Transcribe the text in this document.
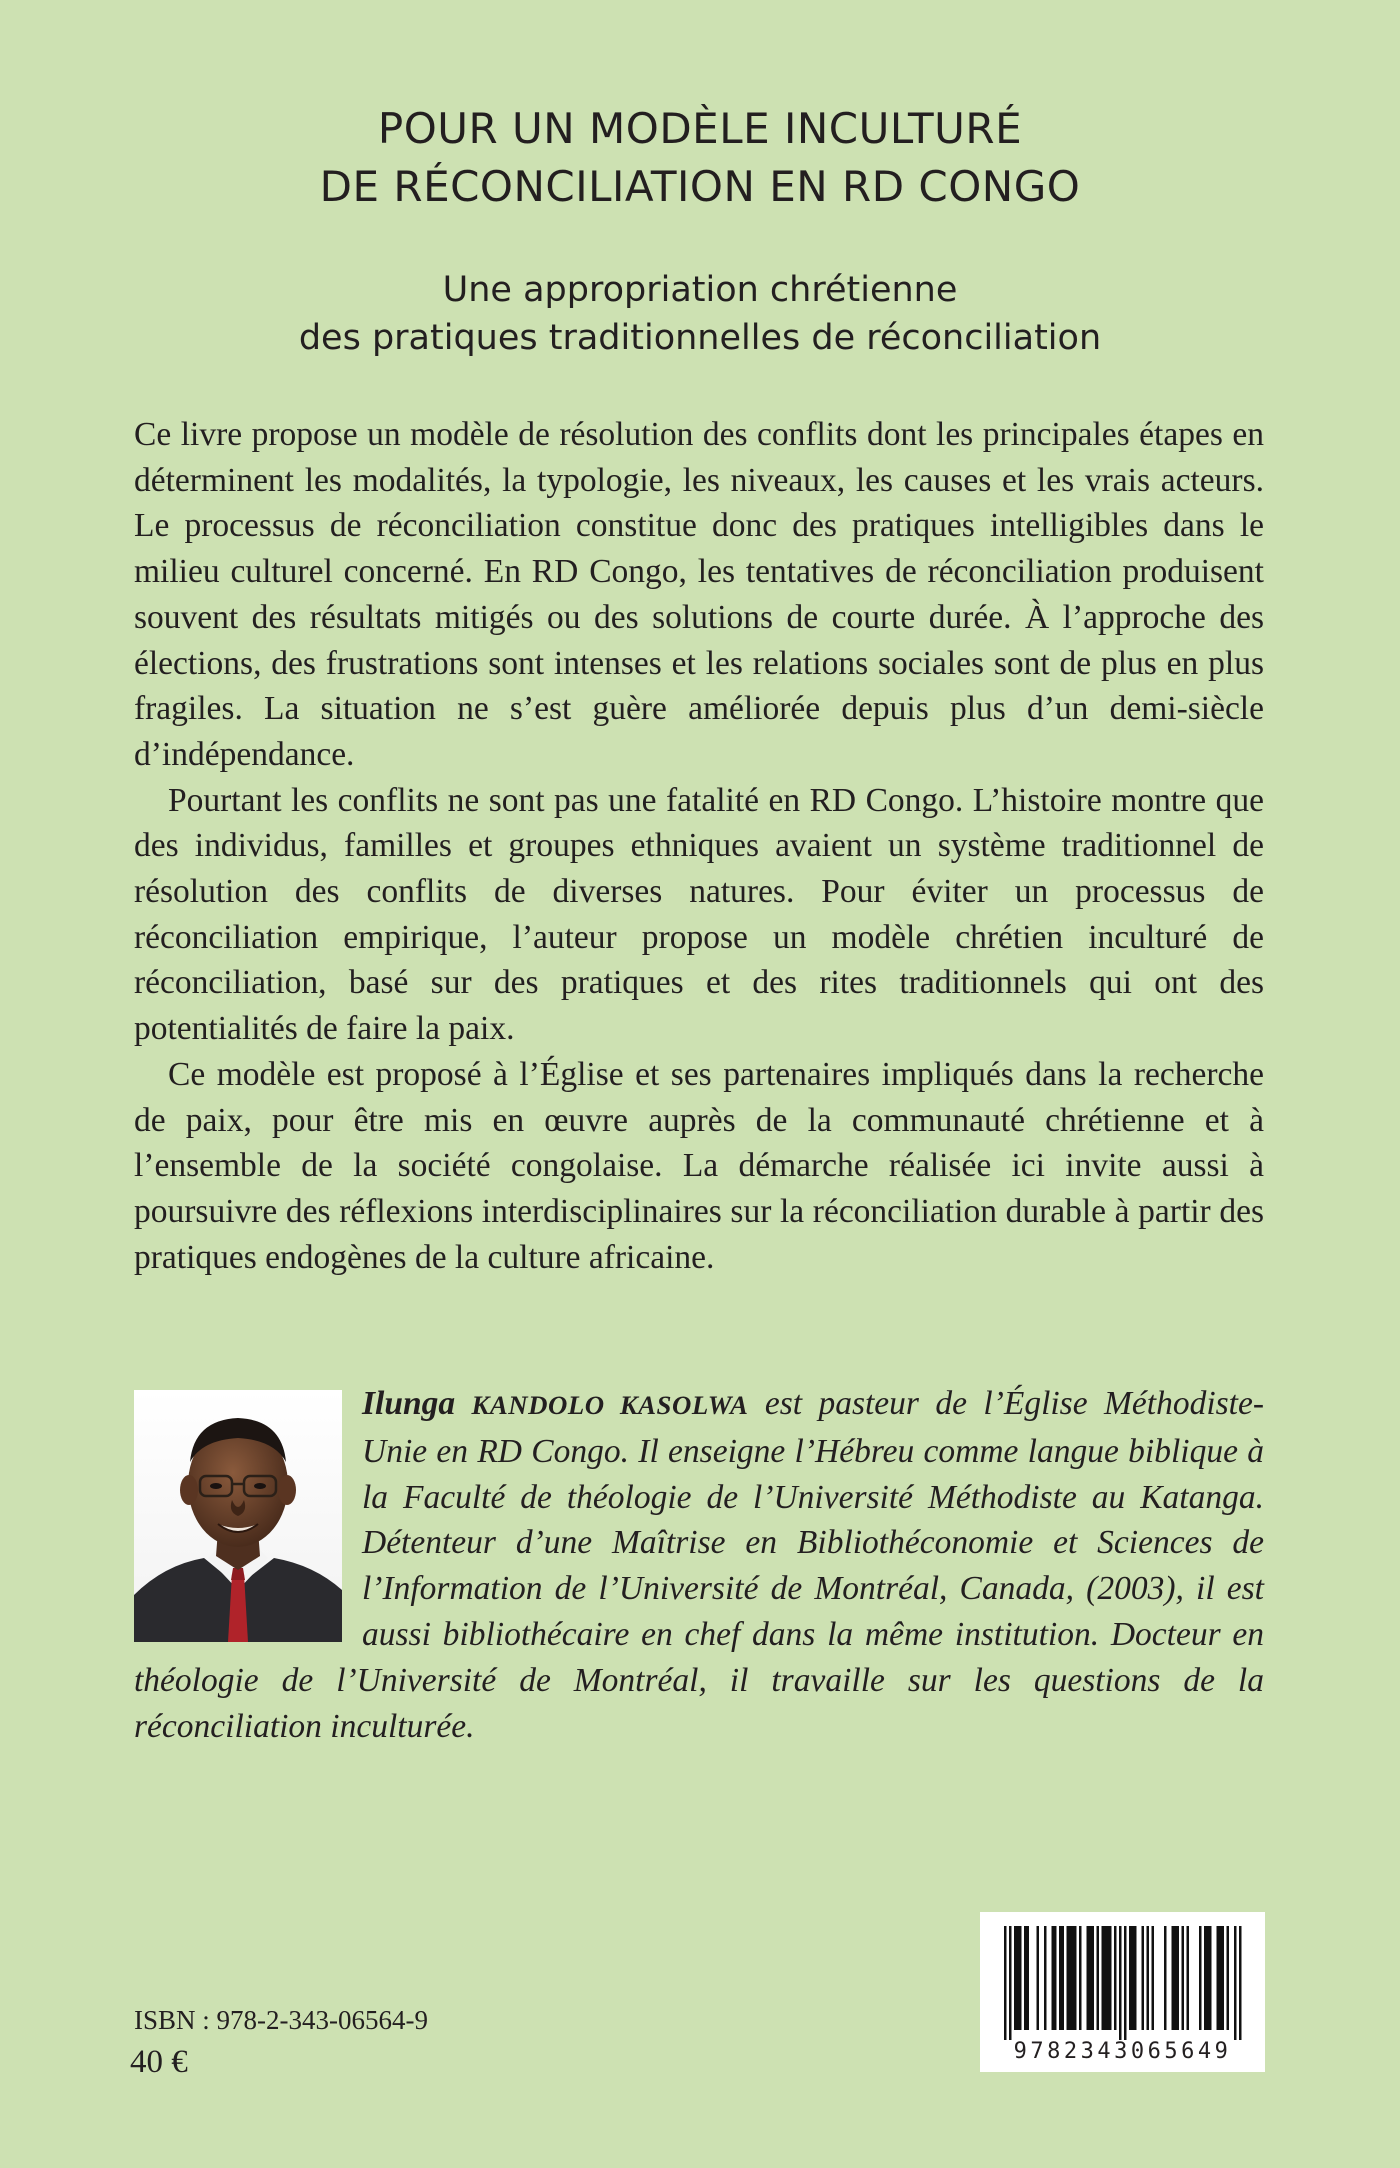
POUR UN MODÈLE INCULTURÉ
DE RÉCONCILIATION EN RD CONGO
Une appropriation chrétienne
des pratiques traditionnelles de réconciliation

Ce livre propose un modèle de résolution des conflits dont les principales étapes en déterminent les modalités, la typologie, les niveaux, les causes et les vrais acteurs. Le processus de réconciliation constitue donc des pratiques intelligibles dans le milieu culturel concerné. En RD Congo, les tentatives de réconciliation produisent souvent des résultats mitigés ou des solutions de courte durée. À l’approche des élections, des frustrations sont intenses et les relations sociales sont de plus en plus fragiles. La situation ne s’est guère améliorée depuis plus d’un demi-siècle d’indépendance.

Pourtant les conflits ne sont pas une fatalité en RD Congo. L’histoire montre que des individus, familles et groupes ethniques avaient un système traditionnel de résolution des conflits de diverses natures. Pour éviter un processus de réconciliation empirique, l’auteur propose un modèle chrétien inculturé de réconciliation, basé sur des pratiques et des rites traditionnels qui ont des potentialités de faire la paix.

Ce modèle est proposé à l’Église et ses partenaires impliqués dans la recherche de paix, pour être mis en œuvre auprès de la communauté chrétienne et à l’ensemble de la société congolaise. La démarche réalisée ici invite aussi à poursuivre des réflexions interdisciplinaires sur la réconciliation durable à partir des pratiques endogènes de la culture africaine.

Ilunga KANDOLO KASOLWA est pasteur de l’Église Méthodiste-Unie en RD Congo. Il enseigne l’Hébreu comme langue biblique à la Faculté de théologie de l’Université Méthodiste au Katanga. Détenteur d’une Maîtrise en Bibliothéconomie et Sciences de l’Information de l’Université de Montréal, Canada, (2003), il est aussi bibliothécaire en chef dans la même institution. Docteur en théologie de l’Université de Montréal, il travaille sur les questions de la réconciliation inculturée.
ISBN : 978-2-343-06564-9
40 €	9782343065649
